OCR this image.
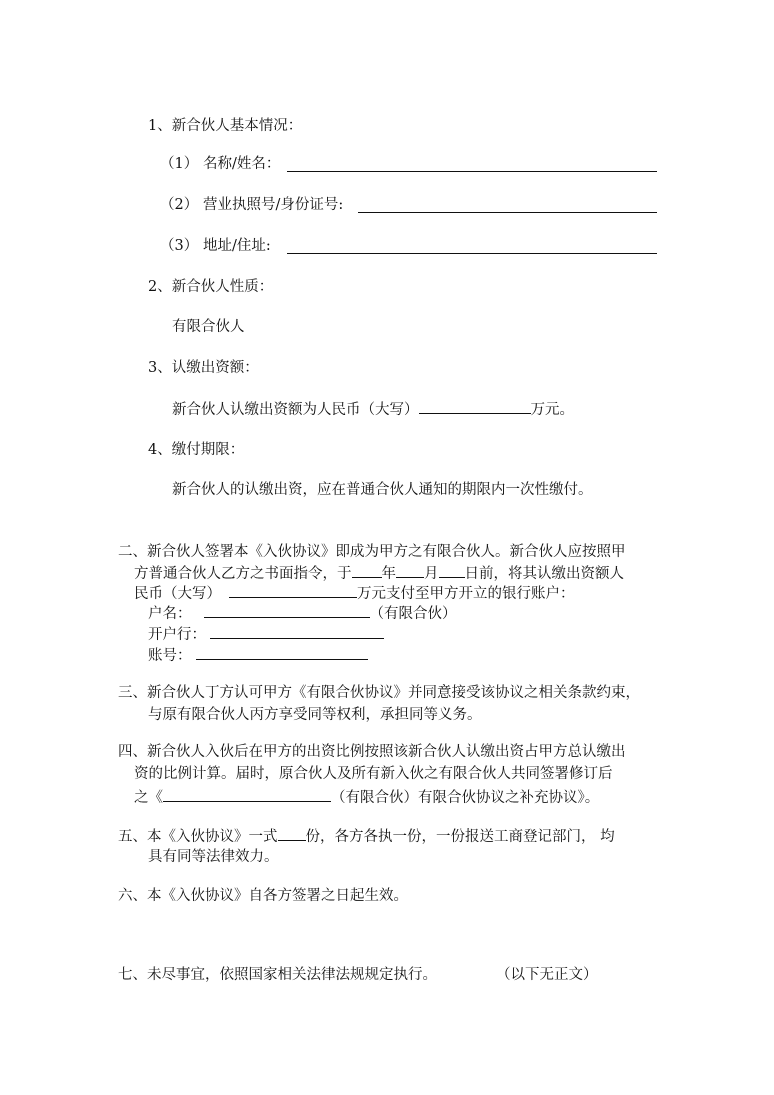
1、新合伙人基本情况：
（1） 名称/姓名：
（2） 营业执照号/身份证号:
（3） 地址/住址:
2、新合伙人性质：
有限合伙人
3、认缴出资额：
新合伙人认缴出资额为人民币（大写）	万元。
4、缴付期限：
新合伙人的认缴出资，应在普通合伙人通知的期限内一次性缴付。
二、新合伙人签署本《入伙协议》即成为甲方之有限合伙人。新合伙人应按照甲
方普通合伙人乙方之书面指令，于 年 月 日前，将其认缴出资额人
民币（大写）	万元支付至甲方开立的银行账户：
户名：	（有限合伙）
开户行：
账号：
三、新合伙人丁方认可甲方《有限合伙协议》并同意接受该协议之相关条款约束，
与原有限合伙人丙方享受同等权利，承担同等义务。
四、新合伙人入伙后在甲方的出资比例按照该新合伙人认缴出资占甲方总认缴出
资的比例计算。届时，原合伙人及所有新入伙之有限合伙人共同签署修订后
之《	（有限合伙）有限合伙协议之补充协议》。
五、本《入伙协议》一式 份，各方各执一份，一份报送工商登记部门， 均
具有同等法律效力。
六、本《入伙协议》自各方签署之日起生效。
七、未尽事宜，依照国家相关法律法规规定执行。	（以下无正文）
